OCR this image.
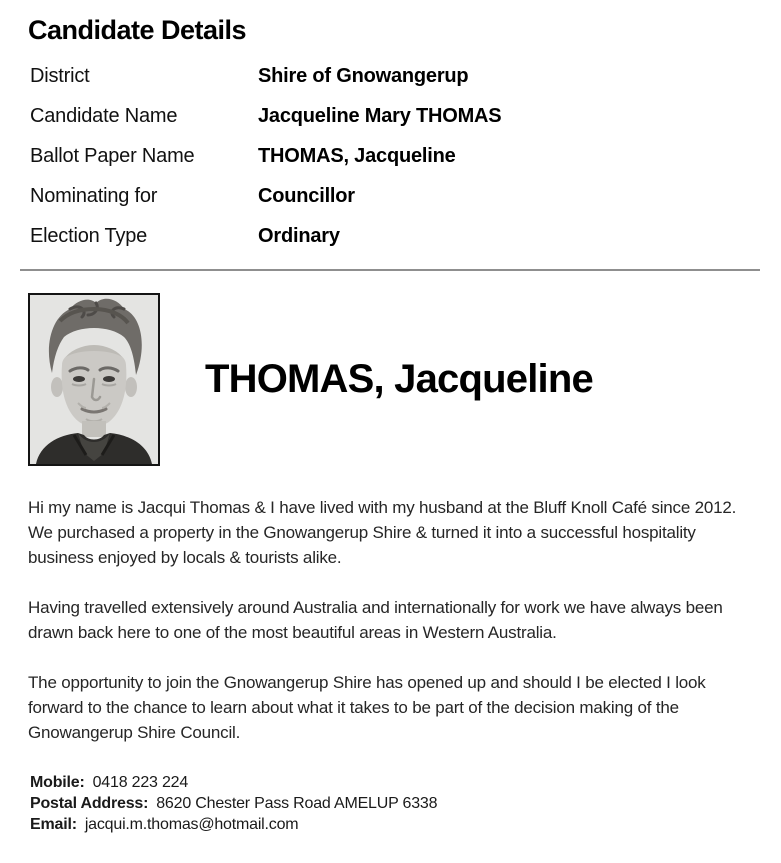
Candidate Details
District	Shire of Gnowangerup
Candidate Name	Jacqueline Mary THOMAS
Ballot Paper Name	THOMAS, Jacqueline
Nominating for	Councillor
Election Type	Ordinary
THOMAS, Jacqueline

Hi my name is Jacqui Thomas & I have lived with my husband at the Bluff Knoll Café since 2012. We purchased a property in the Gnowangerup Shire & turned it into a successful hospitality business enjoyed by locals & tourists alike.

Having travelled extensively around Australia and internationally for work we have always been drawn back here to one of the most beautiful areas in Western Australia.

The opportunity to join the Gnowangerup Shire has opened up and should I be elected I look forward to the chance to learn about what it takes to be part of the decision making of the Gnowangerup Shire Council.

Mobile: 0418 223 224
Postal Address: 8620 Chester Pass Road AMELUP 6338
Email: jacqui.m.thomas@hotmail.com
